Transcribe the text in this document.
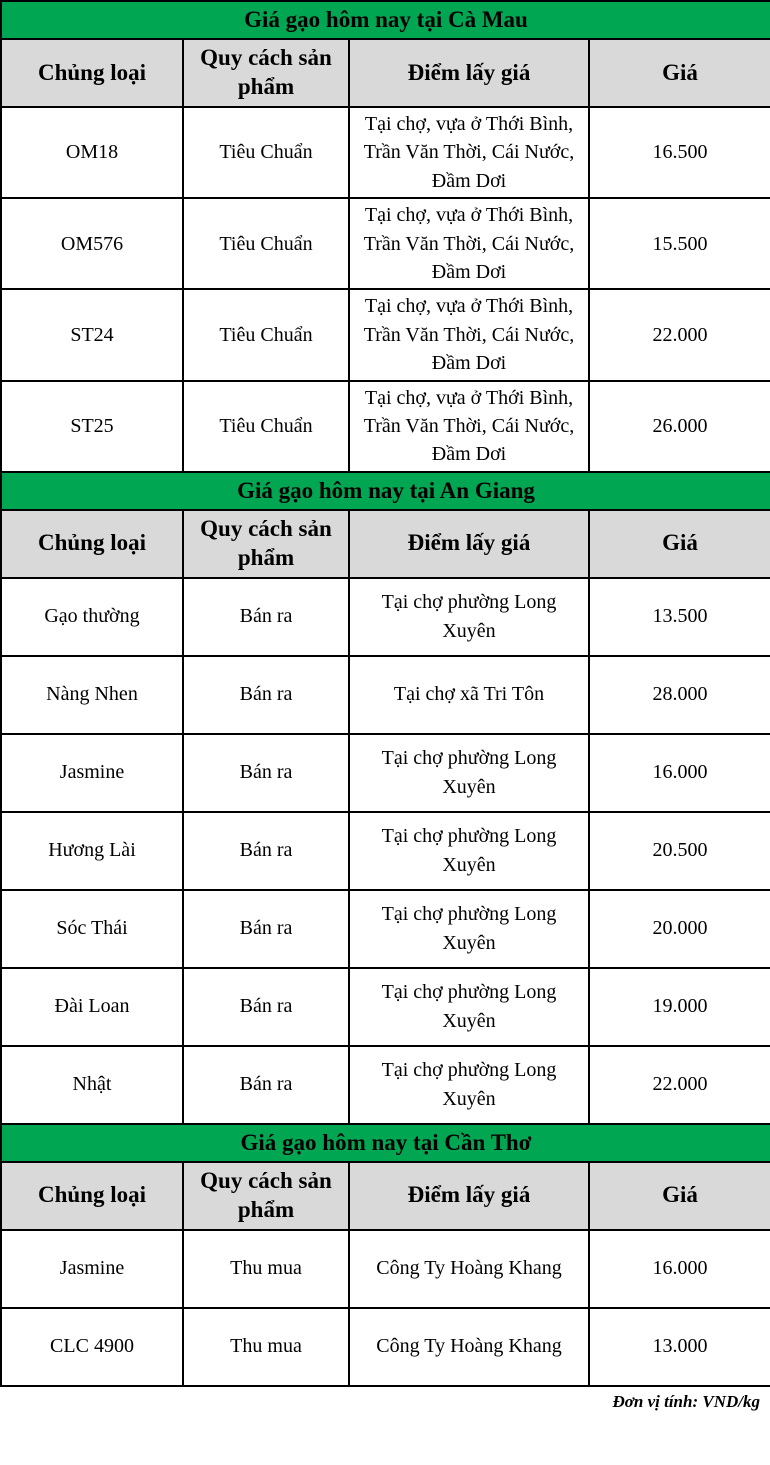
Giá gạo hôm nay tại Cà Mau			
Chủng loại	Quy cách sản phẩm	Điểm lấy giá	Giá
OM18	Tiêu Chuẩn	Tại chợ, vựa ở Thới Bình, Trần Văn Thời, Cái Nước, Đầm Dơi	16.500
OM576	Tiêu Chuẩn	Tại chợ, vựa ở Thới Bình, Trần Văn Thời, Cái Nước, Đầm Dơi	15.500
ST24	Tiêu Chuẩn	Tại chợ, vựa ở Thới Bình, Trần Văn Thời, Cái Nước, Đầm Dơi	22.000
ST25	Tiêu Chuẩn	Tại chợ, vựa ở Thới Bình, Trần Văn Thời, Cái Nước, Đầm Dơi	26.000
Giá gạo hôm nay tại An Giang			
Chủng loại	Quy cách sản phẩm	Điểm lấy giá	Giá
Gạo thường	Bán ra	Tại chợ phường Long Xuyên	13.500
Nàng Nhen	Bán ra	Tại chợ xã Tri Tôn	28.000
Jasmine	Bán ra	Tại chợ phường Long Xuyên	16.000
Hương Lài	Bán ra	Tại chợ phường Long Xuyên	20.500
Sóc Thái	Bán ra	Tại chợ phường Long Xuyên	20.000
Đài Loan	Bán ra	Tại chợ phường Long Xuyên	19.000
Nhật	Bán ra	Tại chợ phường Long Xuyên	22.000
Giá gạo hôm nay tại Cần Thơ			
Chủng loại	Quy cách sản phẩm	Điểm lấy giá	Giá
Jasmine	Thu mua	Công Ty Hoàng Khang	16.000
CLC 4900	Thu mua	Công Ty Hoàng Khang	13.000
Đơn vị tính: VND/kg
